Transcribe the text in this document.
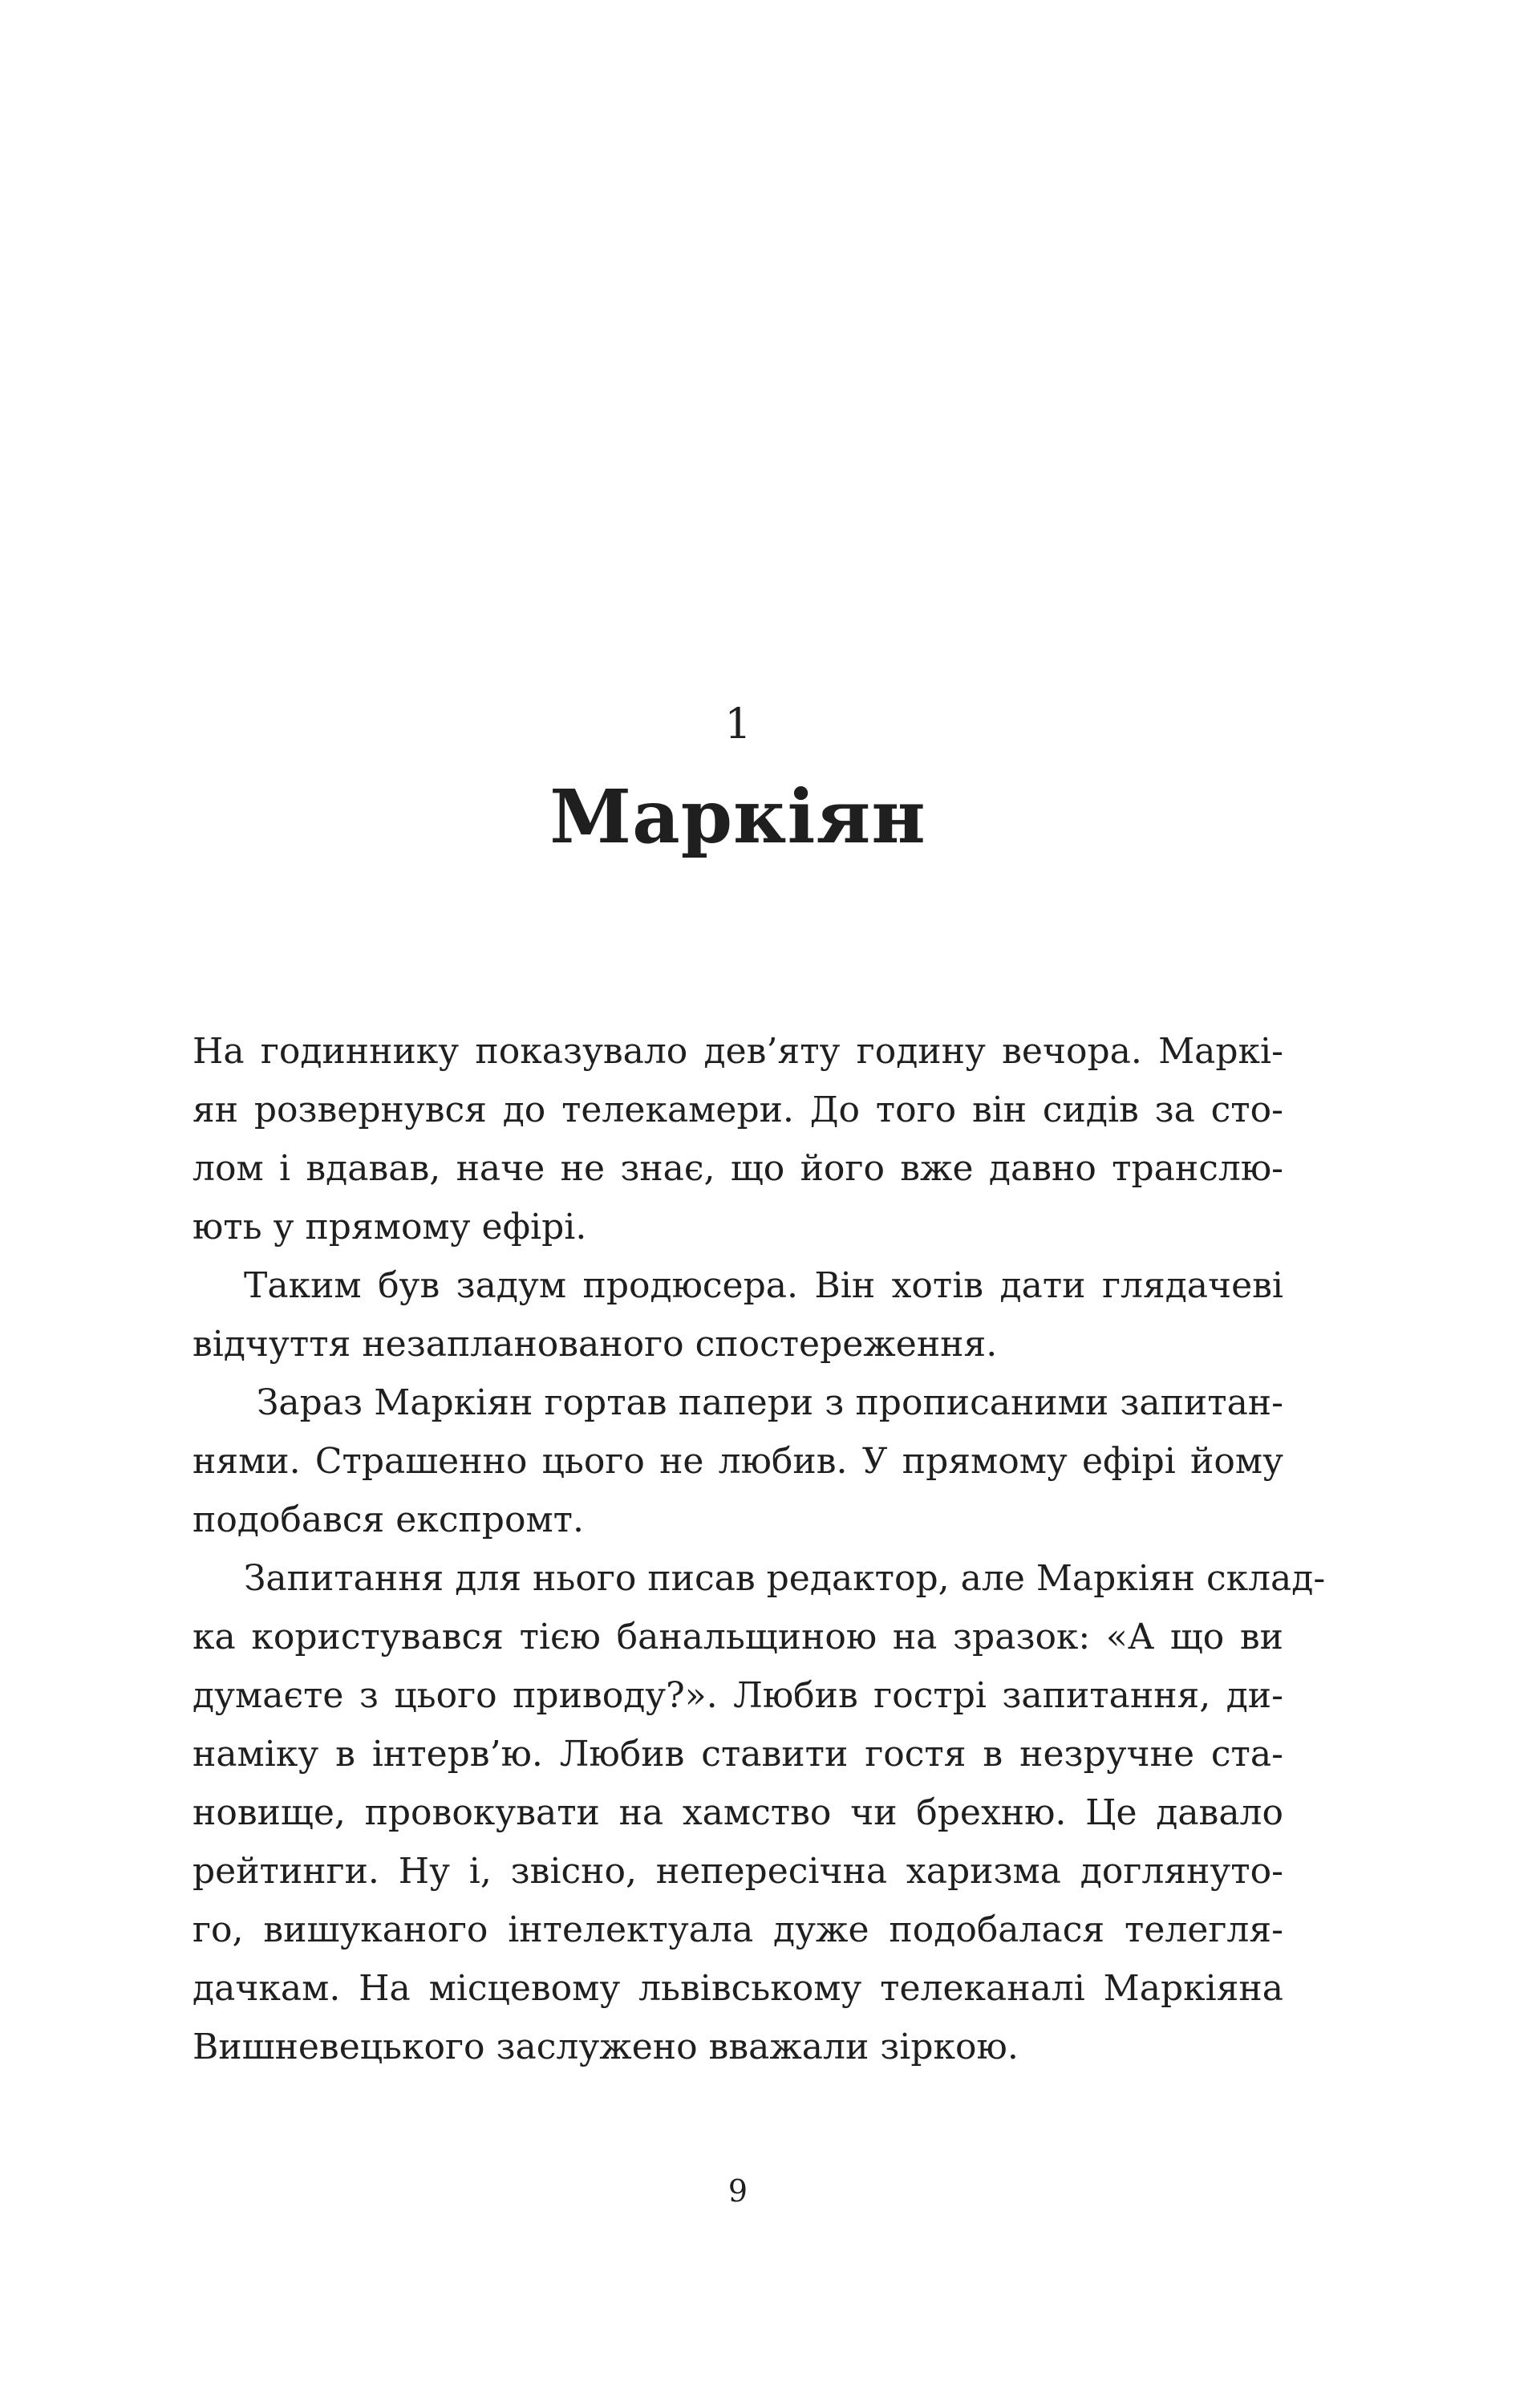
1
Маркіян
На годиннику показувало дев’яту годину вечора. Маркі-
ян розвернувся до телекамери. До того він сидів за сто-
лом і вдавав, наче не знає, що його вже давно транслю-
ють у прямому ефірі.
Таким був задум продюсера. Він хотів дати глядачеві
відчуття незапланованого спостереження.
Зараз Маркіян гортав папери з прописаними запитан-
нями. Страшенно цього не любив. У прямому ефірі йому
подобався експромт.
Запитання для нього писав редактор, але Маркіян склад-
ка користувався тією банальщиною на зразок: «А що ви
думаєте з цього приводу?». Любив гострі запитання, ди-
наміку в інтерв’ю. Любив ставити гостя в незручне ста-
новище, провокувати на хамство чи брехню. Це давало
рейтинги. Ну і, звісно, непересічна харизма доглянуто-
го, вишуканого інтелектуала дуже подобалася телегля-
дачкам. На місцевому львівському телеканалі Маркіяна
Вишневецького заслужено вважали зіркою.
9
